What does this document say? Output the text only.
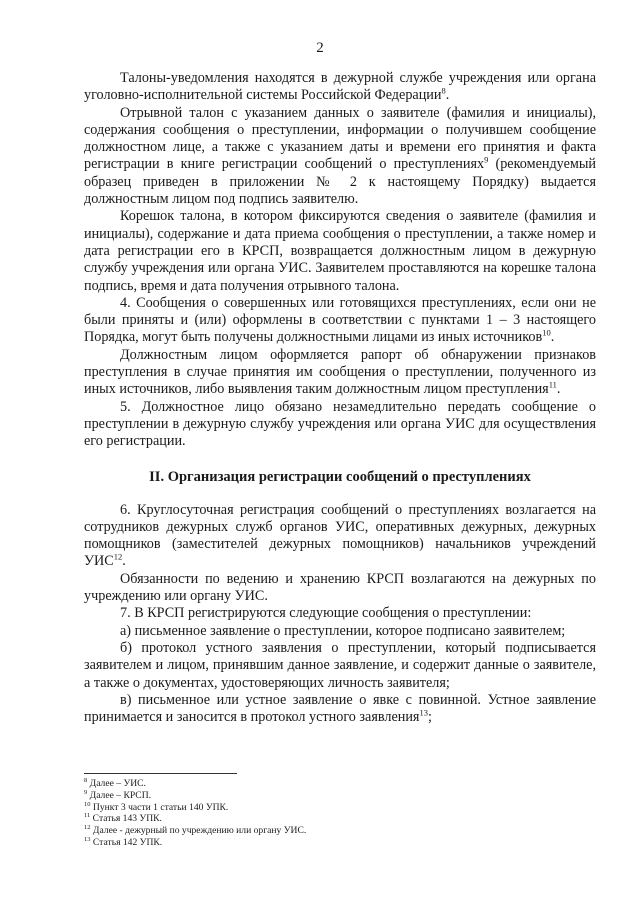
2

Талоны-уведомления находятся в дежурной службе учреждения или органа уголовно-исполнительной системы Российской Федерации$^8$.

Отрывной талон с указанием данных о заявителе (фамилия и инициалы), содержания сообщения о преступлении, информации о получившем сообщение должностном лице, а также с указанием даты и времени его принятия и факта регистрации в книге регистрации сообщений о преступлениях$^9$ (рекомендуемый образец приведен в приложении № 2 к настоящему Порядку) выдается должностным лицом под подпись заявителю.

Корешок талона, в котором фиксируются сведения о заявителе (фамилия и инициалы), содержание и дата приема сообщения о преступлении, а также номер и дата регистрации его в КРСП, возвращается должностным лицом в дежурную службу учреждения или органа УИС. Заявителем проставляются на корешке талона подпись, время и дата получения отрывного талона.

4. Сообщения о совершенных или готовящихся преступлениях, если они не были приняты и (или) оформлены в соответствии с пунктами 1 – 3 настоящего Порядка, могут быть получены должностными лицами из иных источников$^{10}$.

Должностным лицом оформляется рапорт об обнаружении признаков преступления в случае принятия им сообщения о преступлении, полученного из иных источников, либо выявления таким должностным лицом преступления$^{11}$.

5. Должностное лицо обязано незамедлительно передать сообщение о преступлении в дежурную службу учреждения или органа УИС для осуществления его регистрации.

II. Организация регистрации сообщений о преступлениях

6. Круглосуточная регистрация сообщений о преступлениях возлагается на сотрудников дежурных служб органов УИС, оперативных дежурных, дежурных помощников (заместителей дежурных помощников) начальников учреждений УИС$^{12}$.

Обязанности по ведению и хранению КРСП возлагаются на дежурных по учреждению или органу УИС.

7. В КРСП регистрируются следующие сообщения о преступлении:

а) письменное заявление о преступлении, которое подписано заявителем;

б) протокол устного заявления о преступлении, который подписывается заявителем и лицом, принявшим данное заявление, и содержит данные о заявителе, а также о документах, удостоверяющих личность заявителя;

в) письменное или устное заявление о явке с повинной. Устное заявление принимается и заносится в протокол устного заявления$^{13}$;

$^8$ Далее – УИС.
$^9$ Далее – КРСП.
$^{10}$ Пункт 3 части 1 статьи 140 УПК.
$^{11}$ Статья 143 УПК.
$^{12}$ Далее - дежурный по учреждению или органу УИС.
$^{13}$ Статья 142 УПК.
